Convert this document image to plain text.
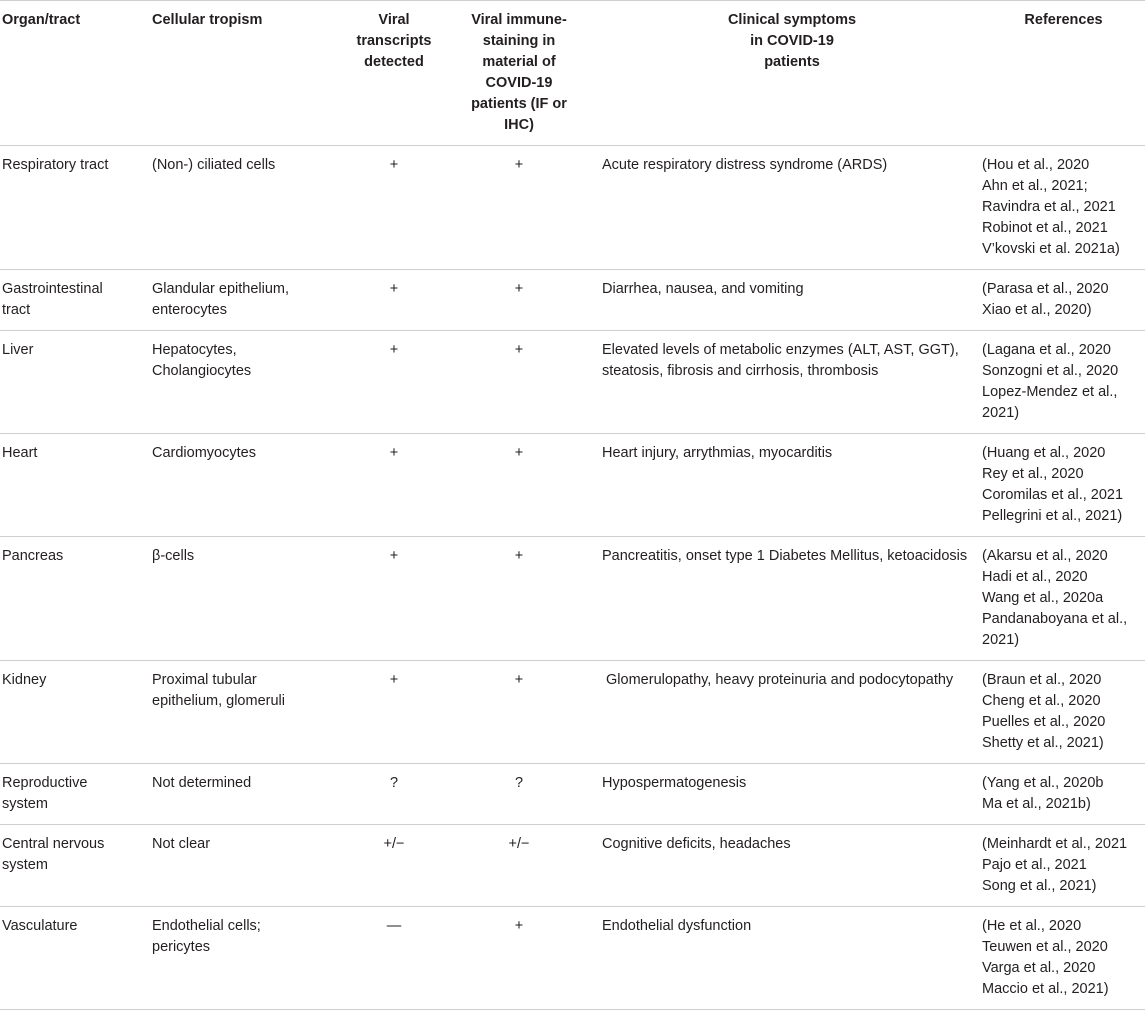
Organ/tract	Cellular tropism	Viral transcripts detected	Viral immune-staining in material of COVID-19 patients (IF or IHC)	Clinical symptoms in COVID-19 patients	References

Respiratory tract	(Non-) ciliated cells	+	+	Acute respiratory distress syndrome (ARDS)	(Hou et al., 2020
Ahn et al., 2021;
Ravindra et al., 2021
Robinot et al., 2021
V’kovski et al. 2021a)

Gastrointestinal tract	Glandular epithelium, enterocytes	+	+	Diarrhea, nausea, and vomiting	(Parasa et al., 2020
Xiao et al., 2020)

Liver	Hepatocytes, Cholangiocytes	+	+	Elevated levels of metabolic enzymes (ALT, AST, GGT), steatosis, fibrosis and cirrhosis, thrombosis	(Lagana et al., 2020
Sonzogni et al., 2020
Lopez-Mendez et al.,
2021)

Heart	Cardiomyocytes	+	+	Heart injury, arrythmias, myocarditis	(Huang et al., 2020
Rey et al., 2020
Coromilas et al., 2021
Pellegrini et al., 2021)

Pancreas	β-cells	+	+	Pancreatitis, onset type 1 Diabetes Mellitus, ketoacidosis	(Akarsu et al., 2020
Hadi et al., 2020
Wang et al., 2020a
Pandanaboyana et al.,
2021)

Kidney	Proximal tubular epithelium, glomeruli	+	+	Glomerulopathy, heavy proteinuria and podocytopathy	(Braun et al., 2020
Cheng et al., 2020
Puelles et al., 2020
Shetty et al., 2021)

Reproductive system	Not determined	?	?	Hypospermatogenesis	(Yang et al., 2020b
Ma et al., 2021b)

Central nervous system	Not clear	+/−	+/−	Cognitive deficits, headaches	(Meinhardt et al., 2021
Pajo et al., 2021
Song et al., 2021)

Vasculature	Endothelial cells; pericytes	—	+	Endothelial dysfunction	(He et al., 2020
Teuwen et al., 2020
Varga et al., 2020
Maccio et al., 2021)
